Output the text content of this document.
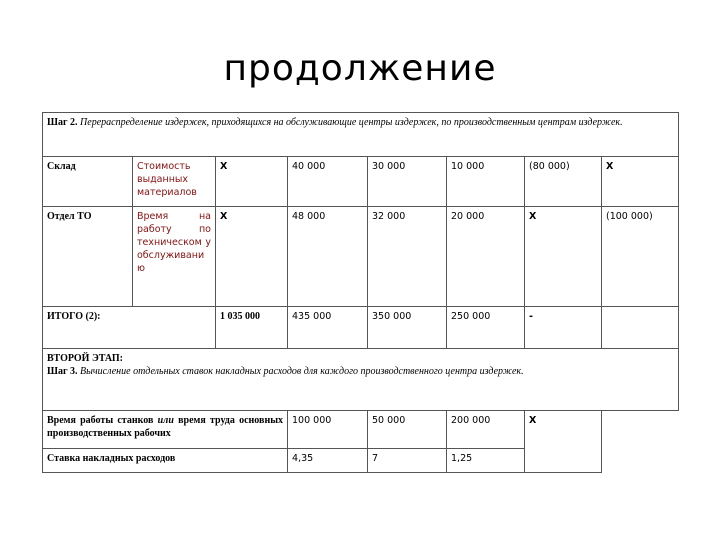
продолжение
Шаг 2. Перераспределение издержек, приходящихся на обслуживающие центры издержек, по производственным центрам издержек.							
Склад	Стоимость выданных материалов	X	40 000	30 000	10 000	(80 000)	X
Отдел ТО	Время на работу по техническом у обслуживани ю	X	48 000	32 000	20 000	X	(100 000)
ИТОГО (2):		1 035 000	435 000	350 000	250 000	-	

ВТОРОЙ ЭТАП:
Шаг 3. Вычисление отдельных ставок накладных расходов для каждого производственного центра издержек.							

Время работы станков или время труда основных производственных рабочих			100 000	50 000	200 000	X	
Ставка накладных расходов			4,35	7	1,25		
